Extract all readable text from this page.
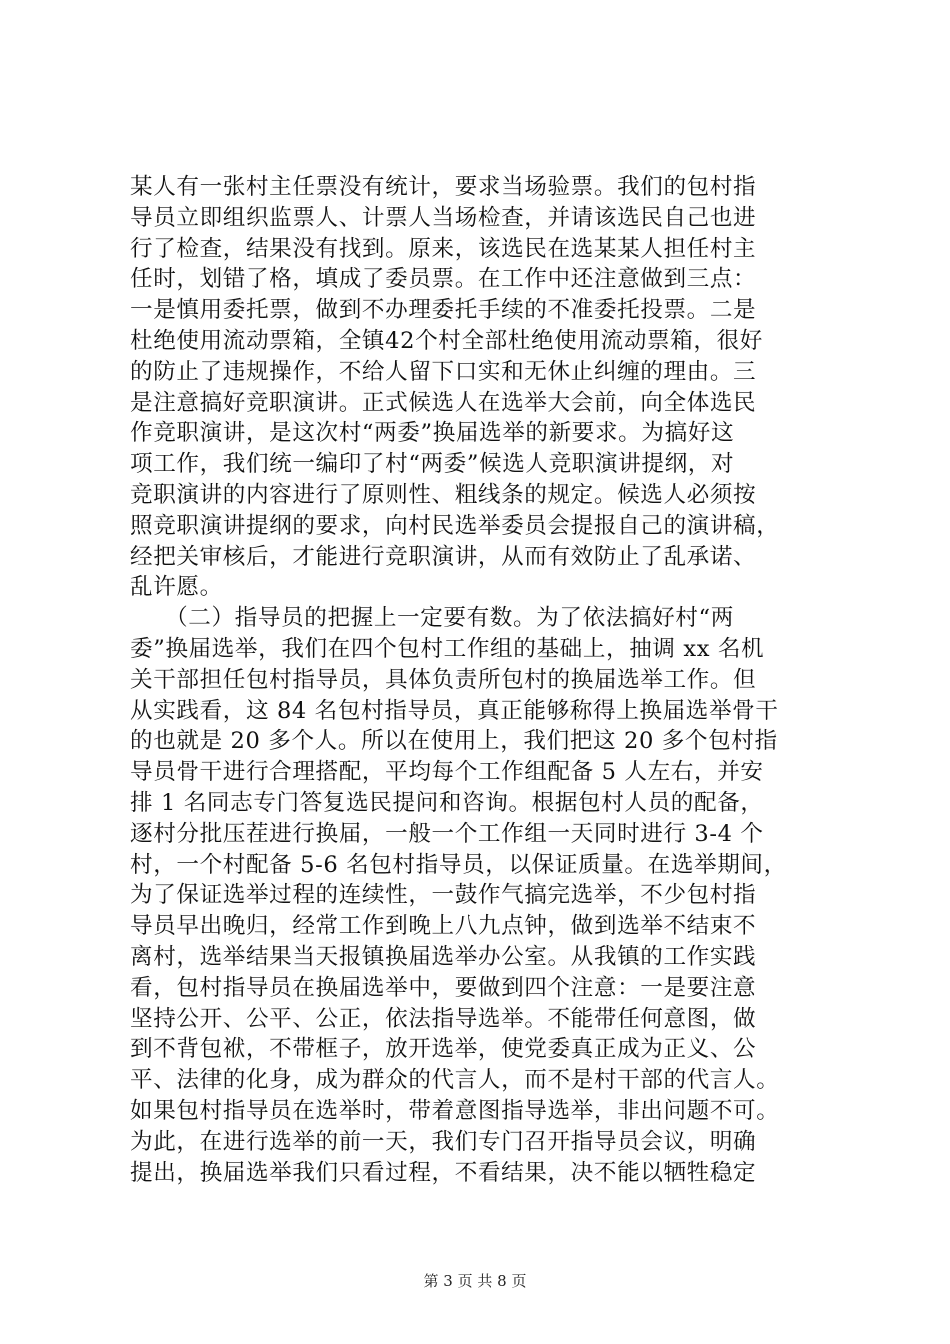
某人有一张村主任票没有统计，要求当场验票。我们的包村指
导员立即组织监票人、计票人当场检查，并请该选民自己也进
行了检查，结果没有找到。原来，该选民在选某某人担任村主
任时，划错了格，填成了委员票。在工作中还注意做到三点：
一是慎用委托票，做到不办理委托手续的不准委托投票。二是
杜绝使用流动票箱，全镇42个村全部杜绝使用流动票箱，很好
的防止了违规操作，不给人留下口实和无休止纠缠的理由。三
是注意搞好竞职演讲。正式候选人在选举大会前，向全体选民
作竞职演讲，是这次村“两委”换届选举的新要求。为搞好这
项工作，我们统一编印了村“两委”候选人竞职演讲提纲，对
竞职演讲的内容进行了原则性、粗线条的规定。候选人必须按
照竞职演讲提纲的要求，向村民选举委员会提报自己的演讲稿，
经把关审核后，才能进行竞职演讲，从而有效防止了乱承诺、
乱许愿。
　　（二）指导员的把握上一定要有数。为了依法搞好村“两
委”换届选举，我们在四个包村工作组的基础上，抽调 xx 名机
关干部担任包村指导员，具体负责所包村的换届选举工作。但
从实践看，这 84 名包村指导员，真正能够称得上换届选举骨干
的也就是 20 多个人。所以在使用上，我们把这 20 多个包村指
导员骨干进行合理搭配，平均每个工作组配备 5 人左右，并安
排 1 名同志专门答复选民提问和咨询。根据包村人员的配备，
逐村分批压茬进行换届，一般一个工作组一天同时进行 3-4 个
村，一个村配备 5-6 名包村指导员，以保证质量。在选举期间，
为了保证选举过程的连续性，一鼓作气搞完选举，不少包村指
导员早出晚归，经常工作到晚上八九点钟，做到选举不结束不
离村，选举结果当天报镇换届选举办公室。从我镇的工作实践
看，包村指导员在换届选举中，要做到四个注意：一是要注意
坚持公开、公平、公正，依法指导选举。不能带任何意图，做
到不背包袱，不带框子，放开选举，使党委真正成为正义、公
平、法律的化身，成为群众的代言人，而不是村干部的代言人。
如果包村指导员在选举时，带着意图指导选举，非出问题不可。
为此，在进行选举的前一天，我们专门召开指导员会议，明确
提出，换届选举我们只看过程，不看结果，决不能以牺牲稳定
第 3 页 共 8 页
